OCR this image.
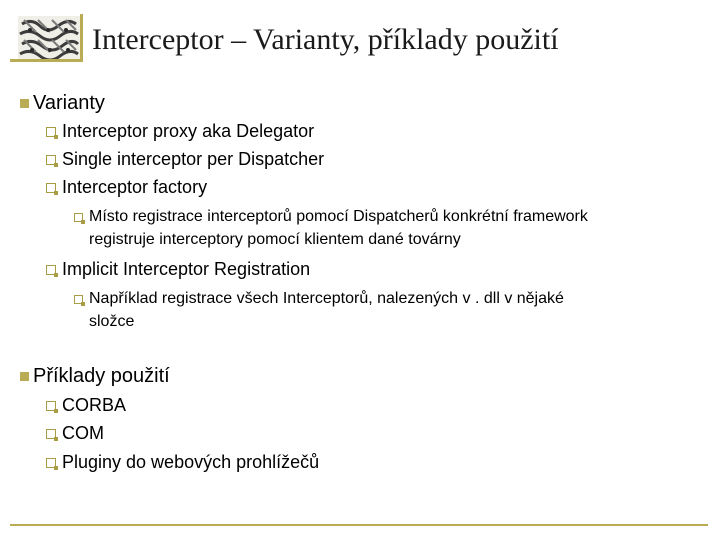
Interceptor – Varianty, příklady použití
Varianty
Interceptor proxy aka Delegator
Single interceptor per Dispatcher
Interceptor factory
Místo registrace interceptorů pomocí Dispatcherů konkrétní framework
registruje interceptory pomocí klientem dané továrny
Implicit Interceptor Registration
Například registrace všech Interceptorů, nalezených v . dll v nějaké
složce
Příklady použití
CORBA
COM
Pluginy do webových prohlížečů
